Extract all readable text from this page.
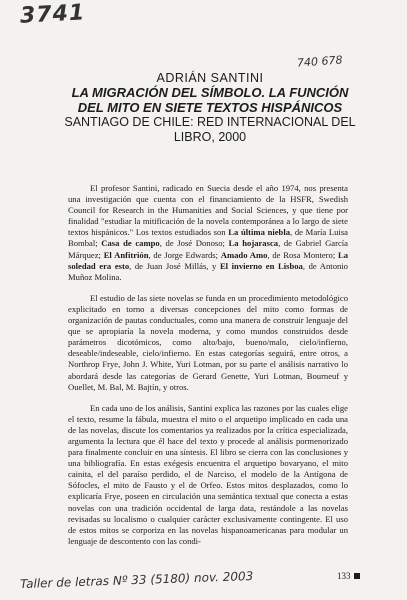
3741
740 678
ADRIÁN SANTINI
LA MIGRACIÓN DEL SÍMBOLO. LA FUNCIÓN DEL MITO EN SIETE TEXTOS HISPÁNICOS
SANTIAGO DE CHILE: RED INTERNACIONAL DEL LIBRO, 2000

El profesor Santini, radicado en Suecia desde el año 1974, nos presenta una investigación que cuenta con el financiamiento de la HSFR, Swedish Council for Research in the Humanities and Social Sciences, y que tiene por finalidad "estudiar la mitificación de la novela contemporánea a lo largo de siete textos hispánicos." Los textos estudiados son La última niebla, de María Luisa Bombal; Casa de campo, de José Donoso; La hojarasca, de Gabriel García Márquez; El Anfitrión, de Jorge Edwards; Amado Amo, de Rosa Montero; La soledad era esto, de Juan José Millás, y El invierno en Lisboa, de Antonio Muñoz Molina.

El estudio de las siete novelas se funda en un procedimiento metodológico explicitado en torno a diversas concepciones del mito como formas de organización de pautas conductuales, como una manera de construir lenguaje del que se apropiaría la novela moderna, y como mundos construidos desde parámetros dicotómicos, como alto/bajo, bueno/malo, cielo/infierno, deseable/indeseable, cielo/infierno. En estas categorías seguirá, entre otros, a Northrop Frye, John J. White, Yuri Lotman, por su parte el análisis narrativo lo abordará desde las categorías de Gerard Genette, Yuri Lotman, Bourneuf y Ouellet, M. Bal, M. Bajtín, y otros.

En cada uno de los análisis, Santini explica las razones por las cuales elige el texto, resume la fábula, muestra el mito o el arquetipo implicado en cada una de las novelas, discute los comentarios ya realizados por la crítica especializada, argumenta la lectura que él hace del texto y procede al análisis pormenorizado para finalmente concluir en una síntesis. El libro se cierra con las conclusiones y una bibliografía. En estas exégesis encuentra el arquetipo bovaryano, el mito cainita, el del paraíso perdido, el de Narciso, el modelo de la Antígona de Sófocles, el mito de Fausto y el de Orfeo. Estos mitos desplazados, como lo explicaría Frye, poseen en circulación una semántica textual que conecta a estas novelas con una tradición occidental de larga data, restándole a las novelas revisadas su localismo o cualquier carácter exclusivamente contingente. El uso de estos mitos se corporiza en las novelas hispanoamericanas para modular un lenguaje de descontento con las condi-

Taller de letras Nº 33 (5180) nov. 2003	133
